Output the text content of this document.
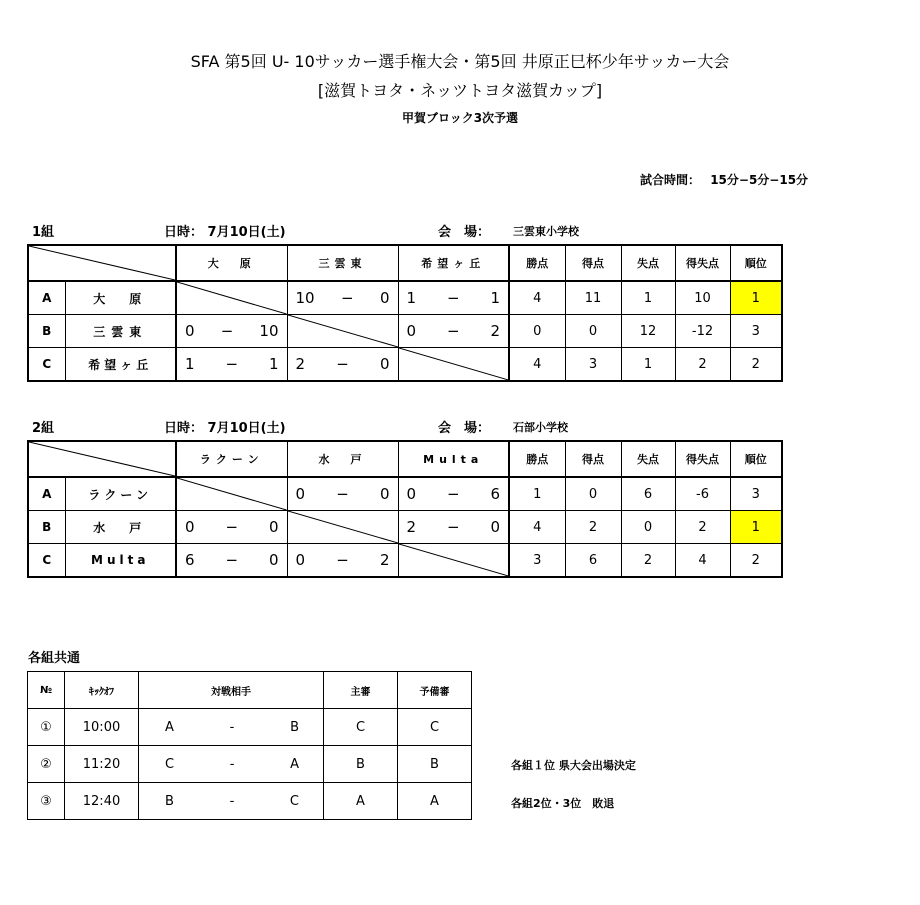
SFA 第5回 U- 10サッカー選手権大会・第5回 井原正巳杯少年サッカー大会
[滋賀トヨタ・ネッツトヨタ滋賀カップ]
甲賀ブロック3次予選
試合時間：　 15分−5分−15分
1組	日時： 7月10日(土)	会　場： 三雲東小学校
	大　原	三雲東	希望ヶ丘	勝点	得点	失点	得失点	順位
A	大　原		10 − 0	1 − 1	4	11	1	10	1
B	三雲東	0 − 10		0 − 2	0	0	12	-12	3
C	希望ヶ丘	1 − 1	2 − 0		4	3	1	2	2
2組	日時： 7月10日(土)	会　場： 石部小学校
	ラクーン	水　戸	Multa	勝点	得点	失点	得失点	順位
A	ラクーン		0 − 0	0 − 6	1	0	6	-6	3
B	水　戸	0 − 0		2 − 0	4	2	0	2	1
C	Multa	6 − 0	0 − 2		3	6	2	4	2
各組共通
№	ｷｯｸｵﾌ	対戦相手	主審	予備審
①	10:00	A - B	C	C
②	11:20	C - A	B	B
③	12:40	B - C	A	A
各組１位 県大会出場決定
各組2位・3位　敗退
